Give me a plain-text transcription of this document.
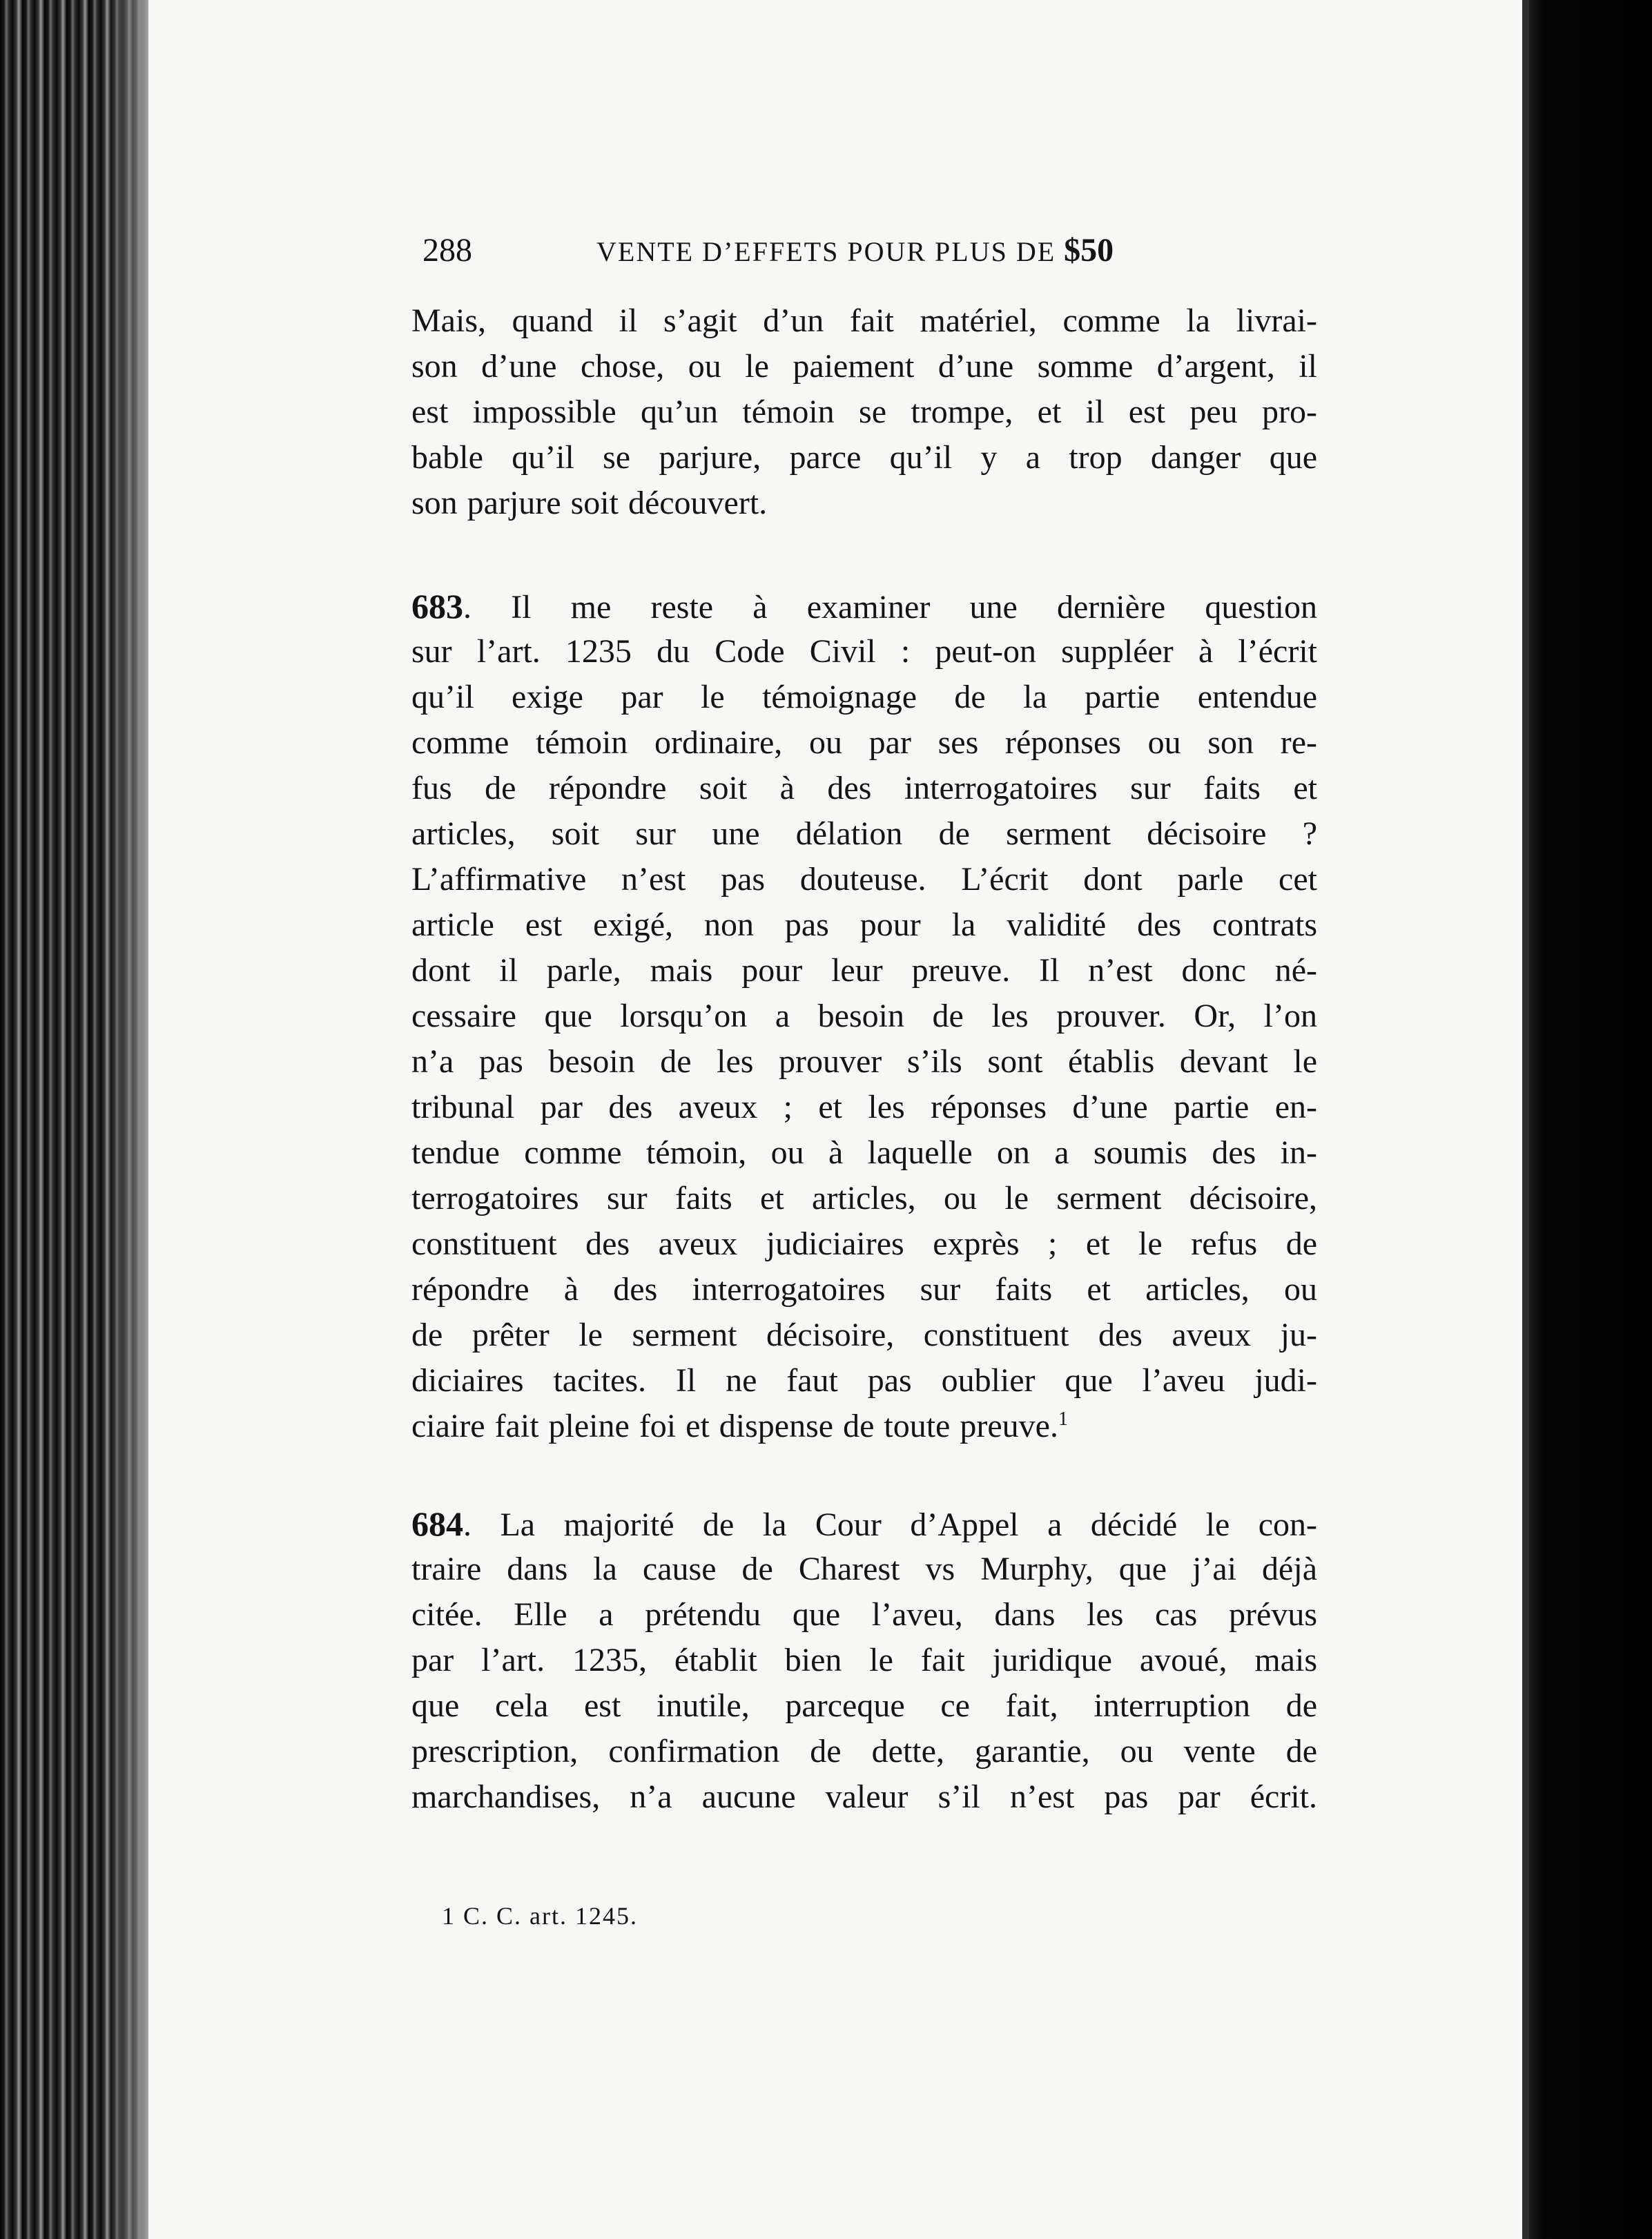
288	VENTE D’EFFETS POUR PLUS DE $50
Mais, quand il s’agit d’un fait matériel, comme la livrai-
son d’une chose, ou le paiement d’une somme d’argent, il
est impossible qu’un témoin se trompe, et il est peu pro-
bable qu’il se parjure, parce qu’il y a trop danger que
son parjure soit découvert.
683. Il me reste à examiner une dernière question
sur l’art. 1235 du Code Civil : peut-on suppléer à l’écrit
qu’il exige par le témoignage de la partie entendue
comme témoin ordinaire, ou par ses réponses ou son re-
fus de répondre soit à des interrogatoires sur faits et
articles, soit sur une délation de serment décisoire ?
L’affirmative n’est pas douteuse. L’écrit dont parle cet
article est exigé, non pas pour la validité des contrats
dont il parle, mais pour leur preuve. Il n’est donc né-
cessaire que lorsqu’on a besoin de les prouver. Or, l’on
n’a pas besoin de les prouver s’ils sont établis devant le
tribunal par des aveux ; et les réponses d’une partie en-
tendue comme témoin, ou à laquelle on a soumis des in-
terrogatoires sur faits et articles, ou le serment décisoire,
constituent des aveux judiciaires exprès ; et le refus de
répondre à des interrogatoires sur faits et articles, ou
de prêter le serment décisoire, constituent des aveux ju-
diciaires tacites. Il ne faut pas oublier que l’aveu judi-
ciaire fait pleine foi et dispense de toute preuve.$^1$
684. La majorité de la Cour d’Appel a décidé le con-
traire dans la cause de Charest vs Murphy, que j’ai déjà
citée. Elle a prétendu que l’aveu, dans les cas prévus
par l’art. 1235, établit bien le fait juridique avoué, mais
que cela est inutile, parceque ce fait, interruption de
prescription, confirmation de dette, garantie, ou vente de
marchandises, n’a aucune valeur s’il n’est pas par écrit.
1 C. C. art. 1245.
